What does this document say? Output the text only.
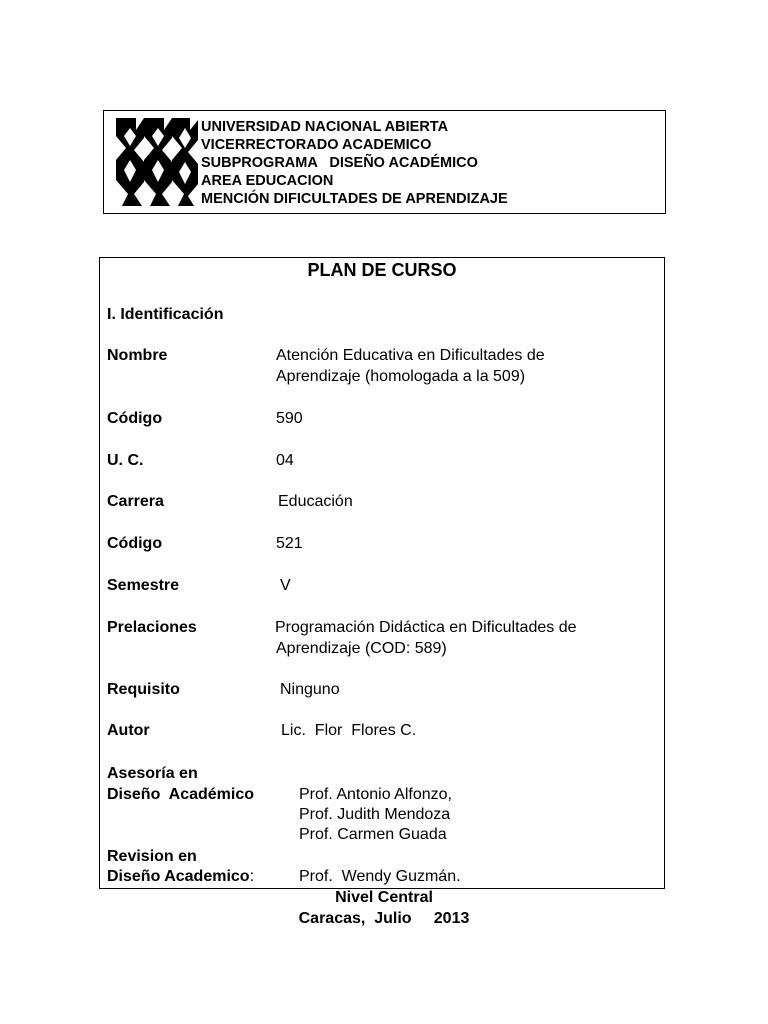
UNIVERSIDAD NACIONAL ABIERTA
VICERRECTORADO ACADEMICO
SUBPROGRAMA   DISEÑO ACADÉMICO
AREA EDUCACION
MENCIÓN DIFICULTADES DE APRENDIZAJE
PLAN DE CURSO
I. Identificación
Nombre	Atención Educativa en Dificultades de
Aprendizaje (homologada a la 509)
Código	590
U. C.	04
Carrera	Educación
Código	521
Semestre	V
Prelaciones	Programación Didáctica en Dificultades de
Aprendizaje (COD: 589)
Requisito	Ninguno
Autor	Lic.  Flor  Flores C.
Asesoría en
Diseño  Académico	Prof. Antonio Alfonzo,
Prof. Judith Mendoza
Prof. Carmen Guada
Revision en
Diseño Academico:	Prof.  Wendy Guzmán.
Nivel Central
Caracas,  Julio     2013
